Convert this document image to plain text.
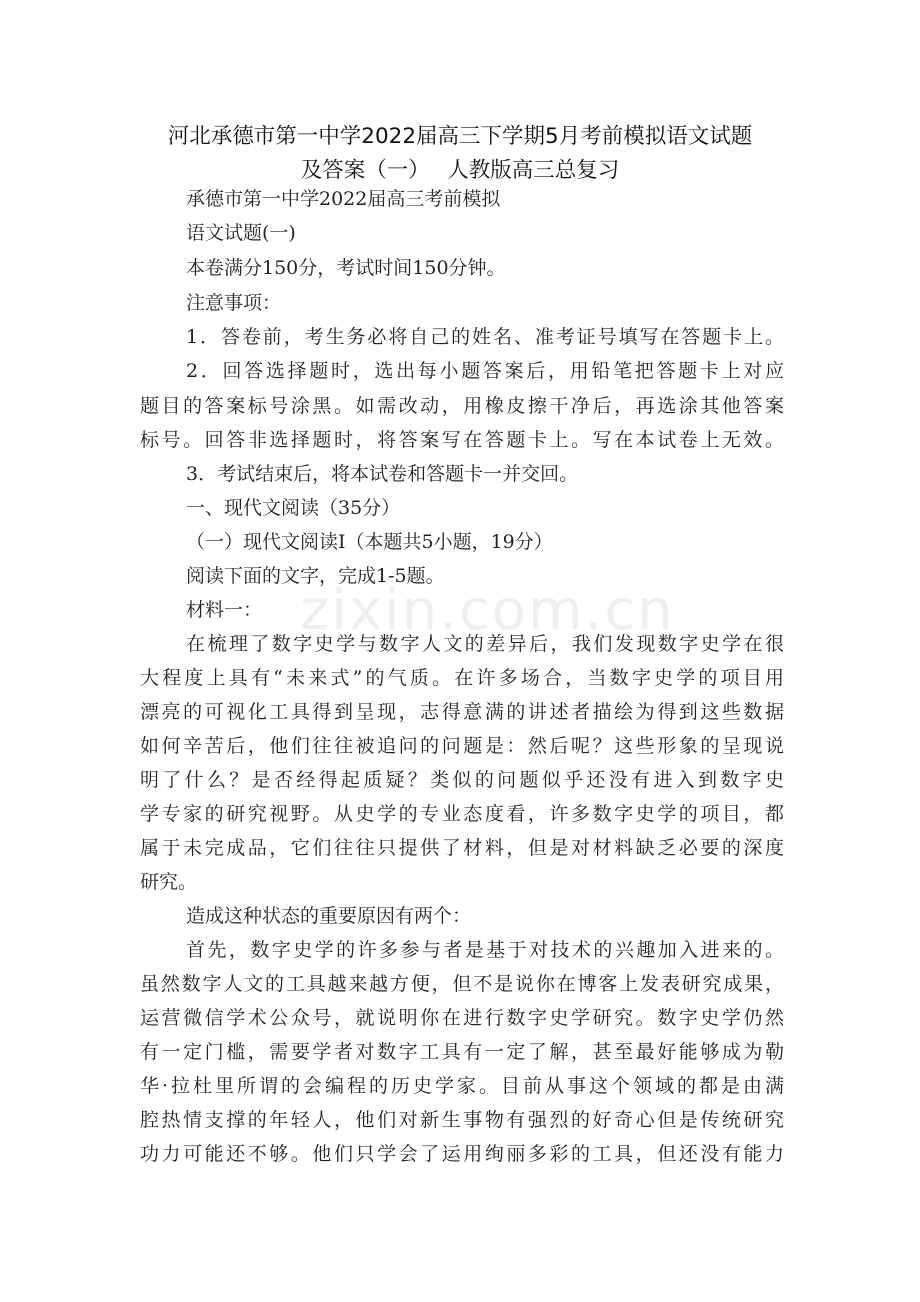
zixin.com.cn
河北承德市第一中学2022届高三下学期5月考前模拟语文试题
及答案（一）　 人教版高三总复习
承德市第一中学2022届高三考前模拟
语文试题(一)
本卷满分150分，考试时间150分钟。
注意事项：
1．答卷前，考生务必将自己的姓名、准考证号填写在答题卡上。
2．回答选择题时，选出每小题答案后，用铅笔把答题卡上对应
题目的答案标号涂黑。如需改动，用橡皮擦干净后，再选涂其他答案
标号。回答非选择题时，将答案写在答题卡上。写在本试卷上无效。
3．考试结束后，将本试卷和答题卡一并交回。
一、现代文阅读（35分）
（一）现代文阅读Ⅰ（本题共5小题，19分）
阅读下面的文字，完成1-5题。
材料一：
在梳理了数字史学与数字人文的差异后，我们发现数字史学在很
大程度上具有“未来式”的气质。在许多场合，当数字史学的项目用
漂亮的可视化工具得到呈现，志得意满的讲述者描绘为得到这些数据
如何辛苦后，他们往往被追问的问题是：然后呢？这些形象的呈现说
明了什么？是否经得起质疑？类似的问题似乎还没有进入到数字史
学专家的研究视野。从史学的专业态度看，许多数字史学的项目，都
属于未完成品，它们往往只提供了材料，但是对材料缺乏必要的深度
研究。
造成这种状态的重要原因有两个：
首先，数字史学的许多参与者是基于对技术的兴趣加入进来的。
虽然数字人文的工具越来越方便，但不是说你在博客上发表研究成果，
运营微信学术公众号，就说明你在进行数字史学研究。数字史学仍然
有一定门槛，需要学者对数字工具有一定了解，甚至最好能够成为勒
华·拉杜里所谓的会编程的历史学家。目前从事这个领域的都是由满
腔热情支撑的年轻人，他们对新生事物有强烈的好奇心但是传统研究
功力可能还不够。他们只学会了运用绚丽多彩的工具，但还没有能力
